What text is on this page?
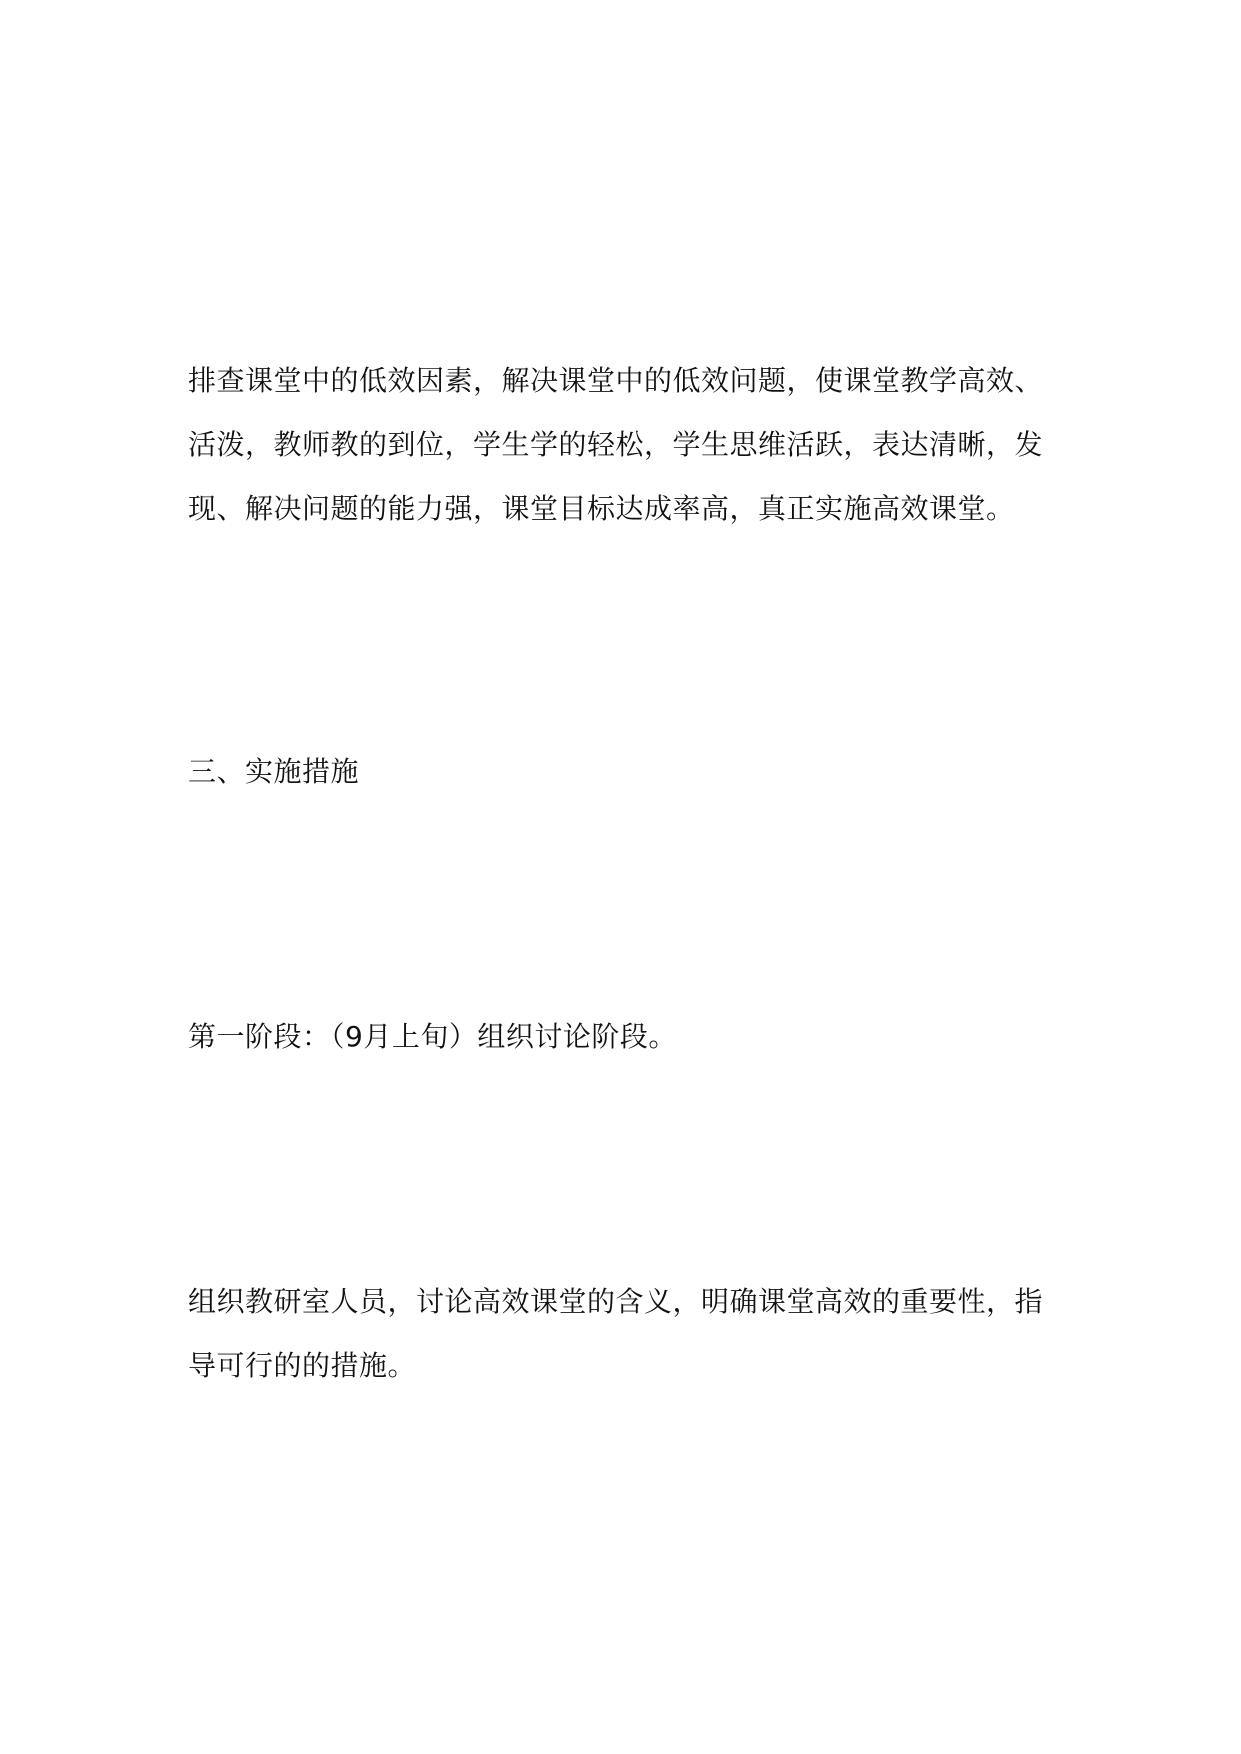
排查课堂中的低效因素，解决课堂中的低效问题，使课堂教学高效、
活泼，教师教的到位，学生学的轻松，学生思维活跃，表达清晰，发
现、解决问题的能力强，课堂目标达成率高，真正实施高效课堂。

三、实施措施

第一阶段：（9月上旬）组织讨论阶段。

组织教研室人员，讨论高效课堂的含义，明确课堂高效的重要性，指
导可行的的措施。
